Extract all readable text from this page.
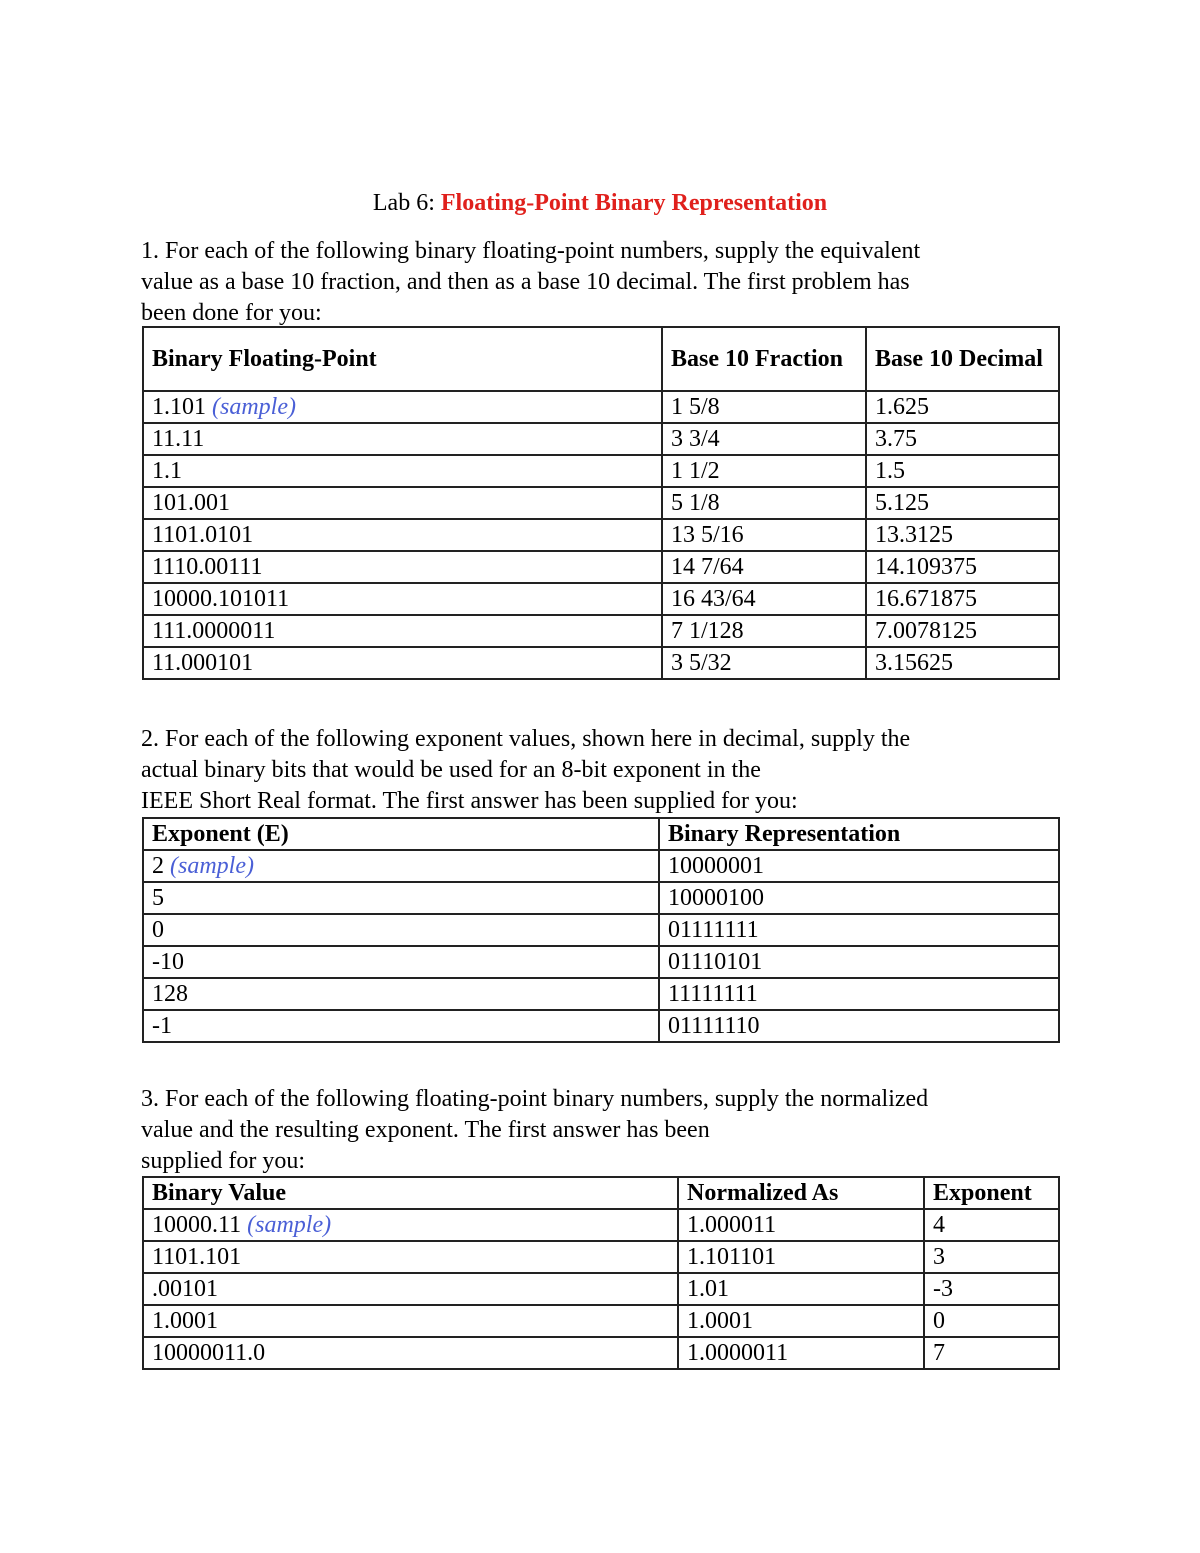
Lab 6: Floating-Point Binary Representation
1. For each of the following binary floating-point numbers, supply the equivalent
value as a base 10 fraction, and then as a base 10 decimal. The first problem has
been done for you:
Binary Floating-Point	Base 10 Fraction	Base 10 Decimal
1.101 (sample)	1 5/8	1.625
11.11	3 3/4	3.75
1.1	1 1/2	1.5
101.001	5 1/8	5.125
1101.0101	13 5/16	13.3125
1110.00111	14 7/64	14.109375
10000.101011	16 43/64	16.671875
111.0000011	7 1/128	7.0078125
11.000101	3 5/32	3.15625
2. For each of the following exponent values, shown here in decimal, supply the
actual binary bits that would be used for an 8-bit exponent in the
IEEE Short Real format. The first answer has been supplied for you:
Exponent (E)	Binary Representation
2 (sample)	10000001
5	10000100
0	01111111
-10	01110101
128	11111111
-1	01111110
3. For each of the following floating-point binary numbers, supply the normalized
value and the resulting exponent. The first answer has been
supplied for you:
Binary Value	Normalized As	Exponent
10000.11 (sample)	1.000011	4
1101.101	1.101101	3
.00101	1.01	-3
1.0001	1.0001	0
10000011.0	1.0000011	7
